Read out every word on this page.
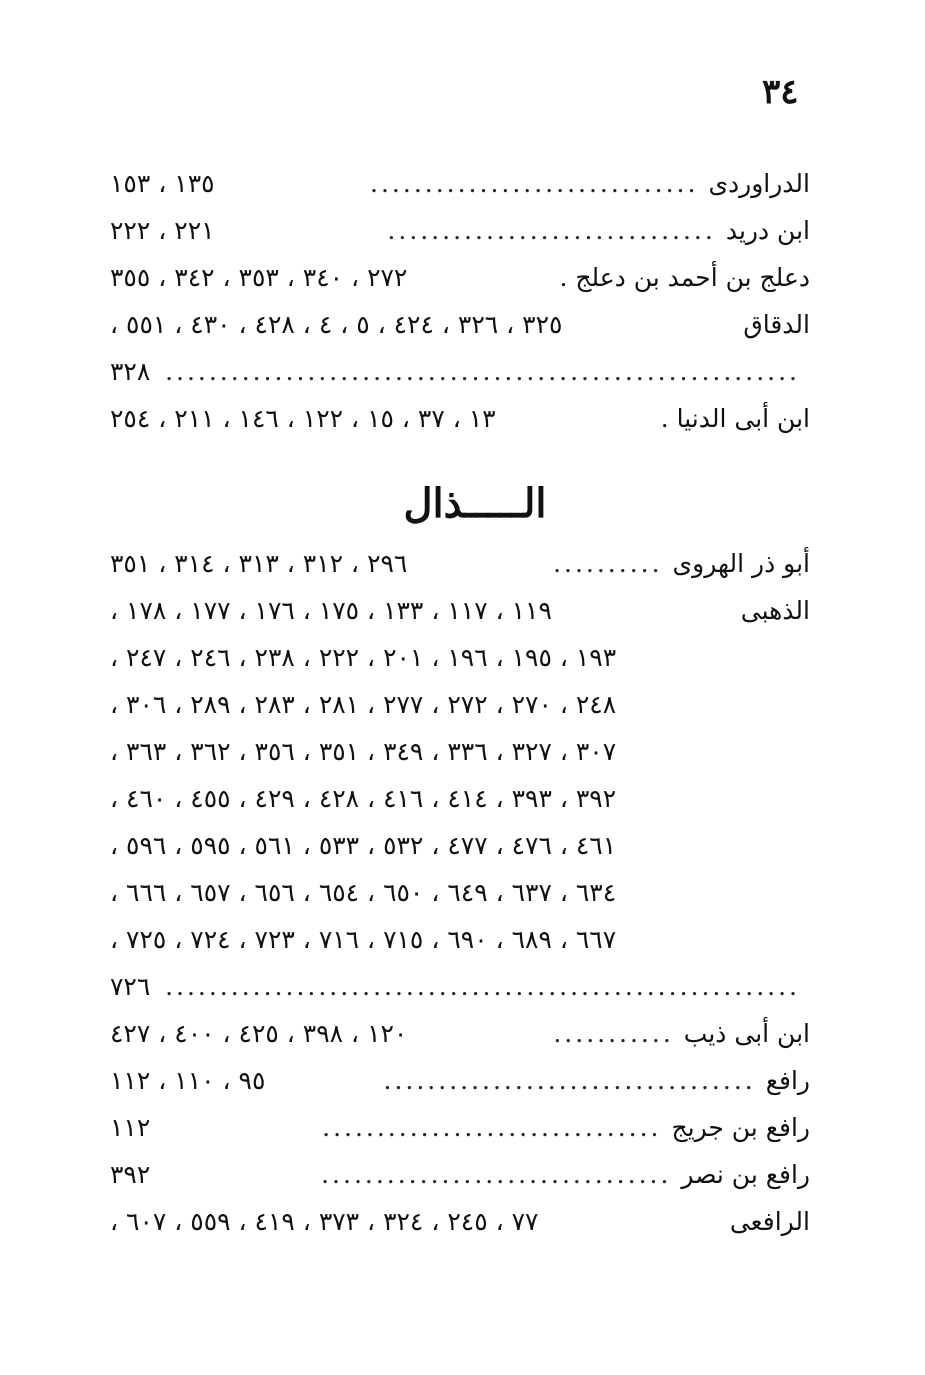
٣٤
الدراوردى
..............................
١٣٥ ، ١٥٣
ابن دريد
..............................
٢٢١ ، ٢٢٢
دعلج بن أحمد بن دعلج .
٢٧٢ ، ٣٤٠ ، ٣٥٣ ، ٣٤٢ ، ٣٥٥
الدقاق
٣٢٥ ، ٣٢٦ ، ٤٢٤ ، ٥ ، ٤ ، ٤٢٨ ، ٤٣٠ ، ٥٥١ ،
..........................................................
٣٢٨
ابن أبى الدنيا .
١٣ ، ٣٧ ، ١٥ ، ١٢٢ ، ١٤٦ ، ٢١١ ، ٢٥٤
الـــــذال
أبو ذر الهروى
..........
٢٩٦ ، ٣١٢ ، ٣١٣ ، ٣١٤ ، ٣٥١
الذهبى
١١٩ ، ١١٧ ، ١٣٣ ، ١٧٥ ، ١٧٦ ، ١٧٧ ، ١٧٨ ،
١٩٣ ، ١٩٥ ، ١٩٦ ، ٢٠١ ، ٢٢٢ ، ٢٣٨ ، ٢٤٦ ، ٢٤٧ ،
٢٤٨ ، ٢٧٠ ، ٢٧٢ ، ٢٧٧ ، ٢٨١ ، ٢٨٣ ، ٢٨٩ ، ٣٠٦ ،
٣٠٧ ، ٣٢٧ ، ٣٣٦ ، ٣٤٩ ، ٣٥١ ، ٣٥٦ ، ٣٦٢ ، ٣٦٣ ،
٣٩٢ ، ٣٩٣ ، ٤١٤ ، ٤١٦ ، ٤٢٨ ، ٤٢٩ ، ٤٥٥ ، ٤٦٠ ،
٤٦١ ، ٤٧٦ ، ٤٧٧ ، ٥٣٢ ، ٥٣٣ ، ٥٦١ ، ٥٩٥ ، ٥٩٦ ،
٦٣٤ ، ٦٣٧ ، ٦٤٩ ، ٦٥٠ ، ٦٥٤ ، ٦٥٦ ، ٦٥٧ ، ٦٦٦ ،
٦٦٧ ، ٦٨٩ ، ٦٩٠ ، ٧١٥ ، ٧١٦ ، ٧٢٣ ، ٧٢٤ ، ٧٢٥ ،
..........................................................
٧٢٦
ابن أبى ذيب
...........
١٢٠ ، ٣٩٨ ، ٤٢٥ ، ٤٠٠ ، ٤٢٧
رافع
..................................
٩٥ ، ١١٠ ، ١١٢
رافع بن جريج
...............................
١١٢
رافع بن نصر
................................
٣٩٢
الرافعى
٧٧ ، ٢٤٥ ، ٣٢٤ ، ٣٧٣ ، ٤١٩ ، ٥٥٩ ، ٦٠٧ ،
